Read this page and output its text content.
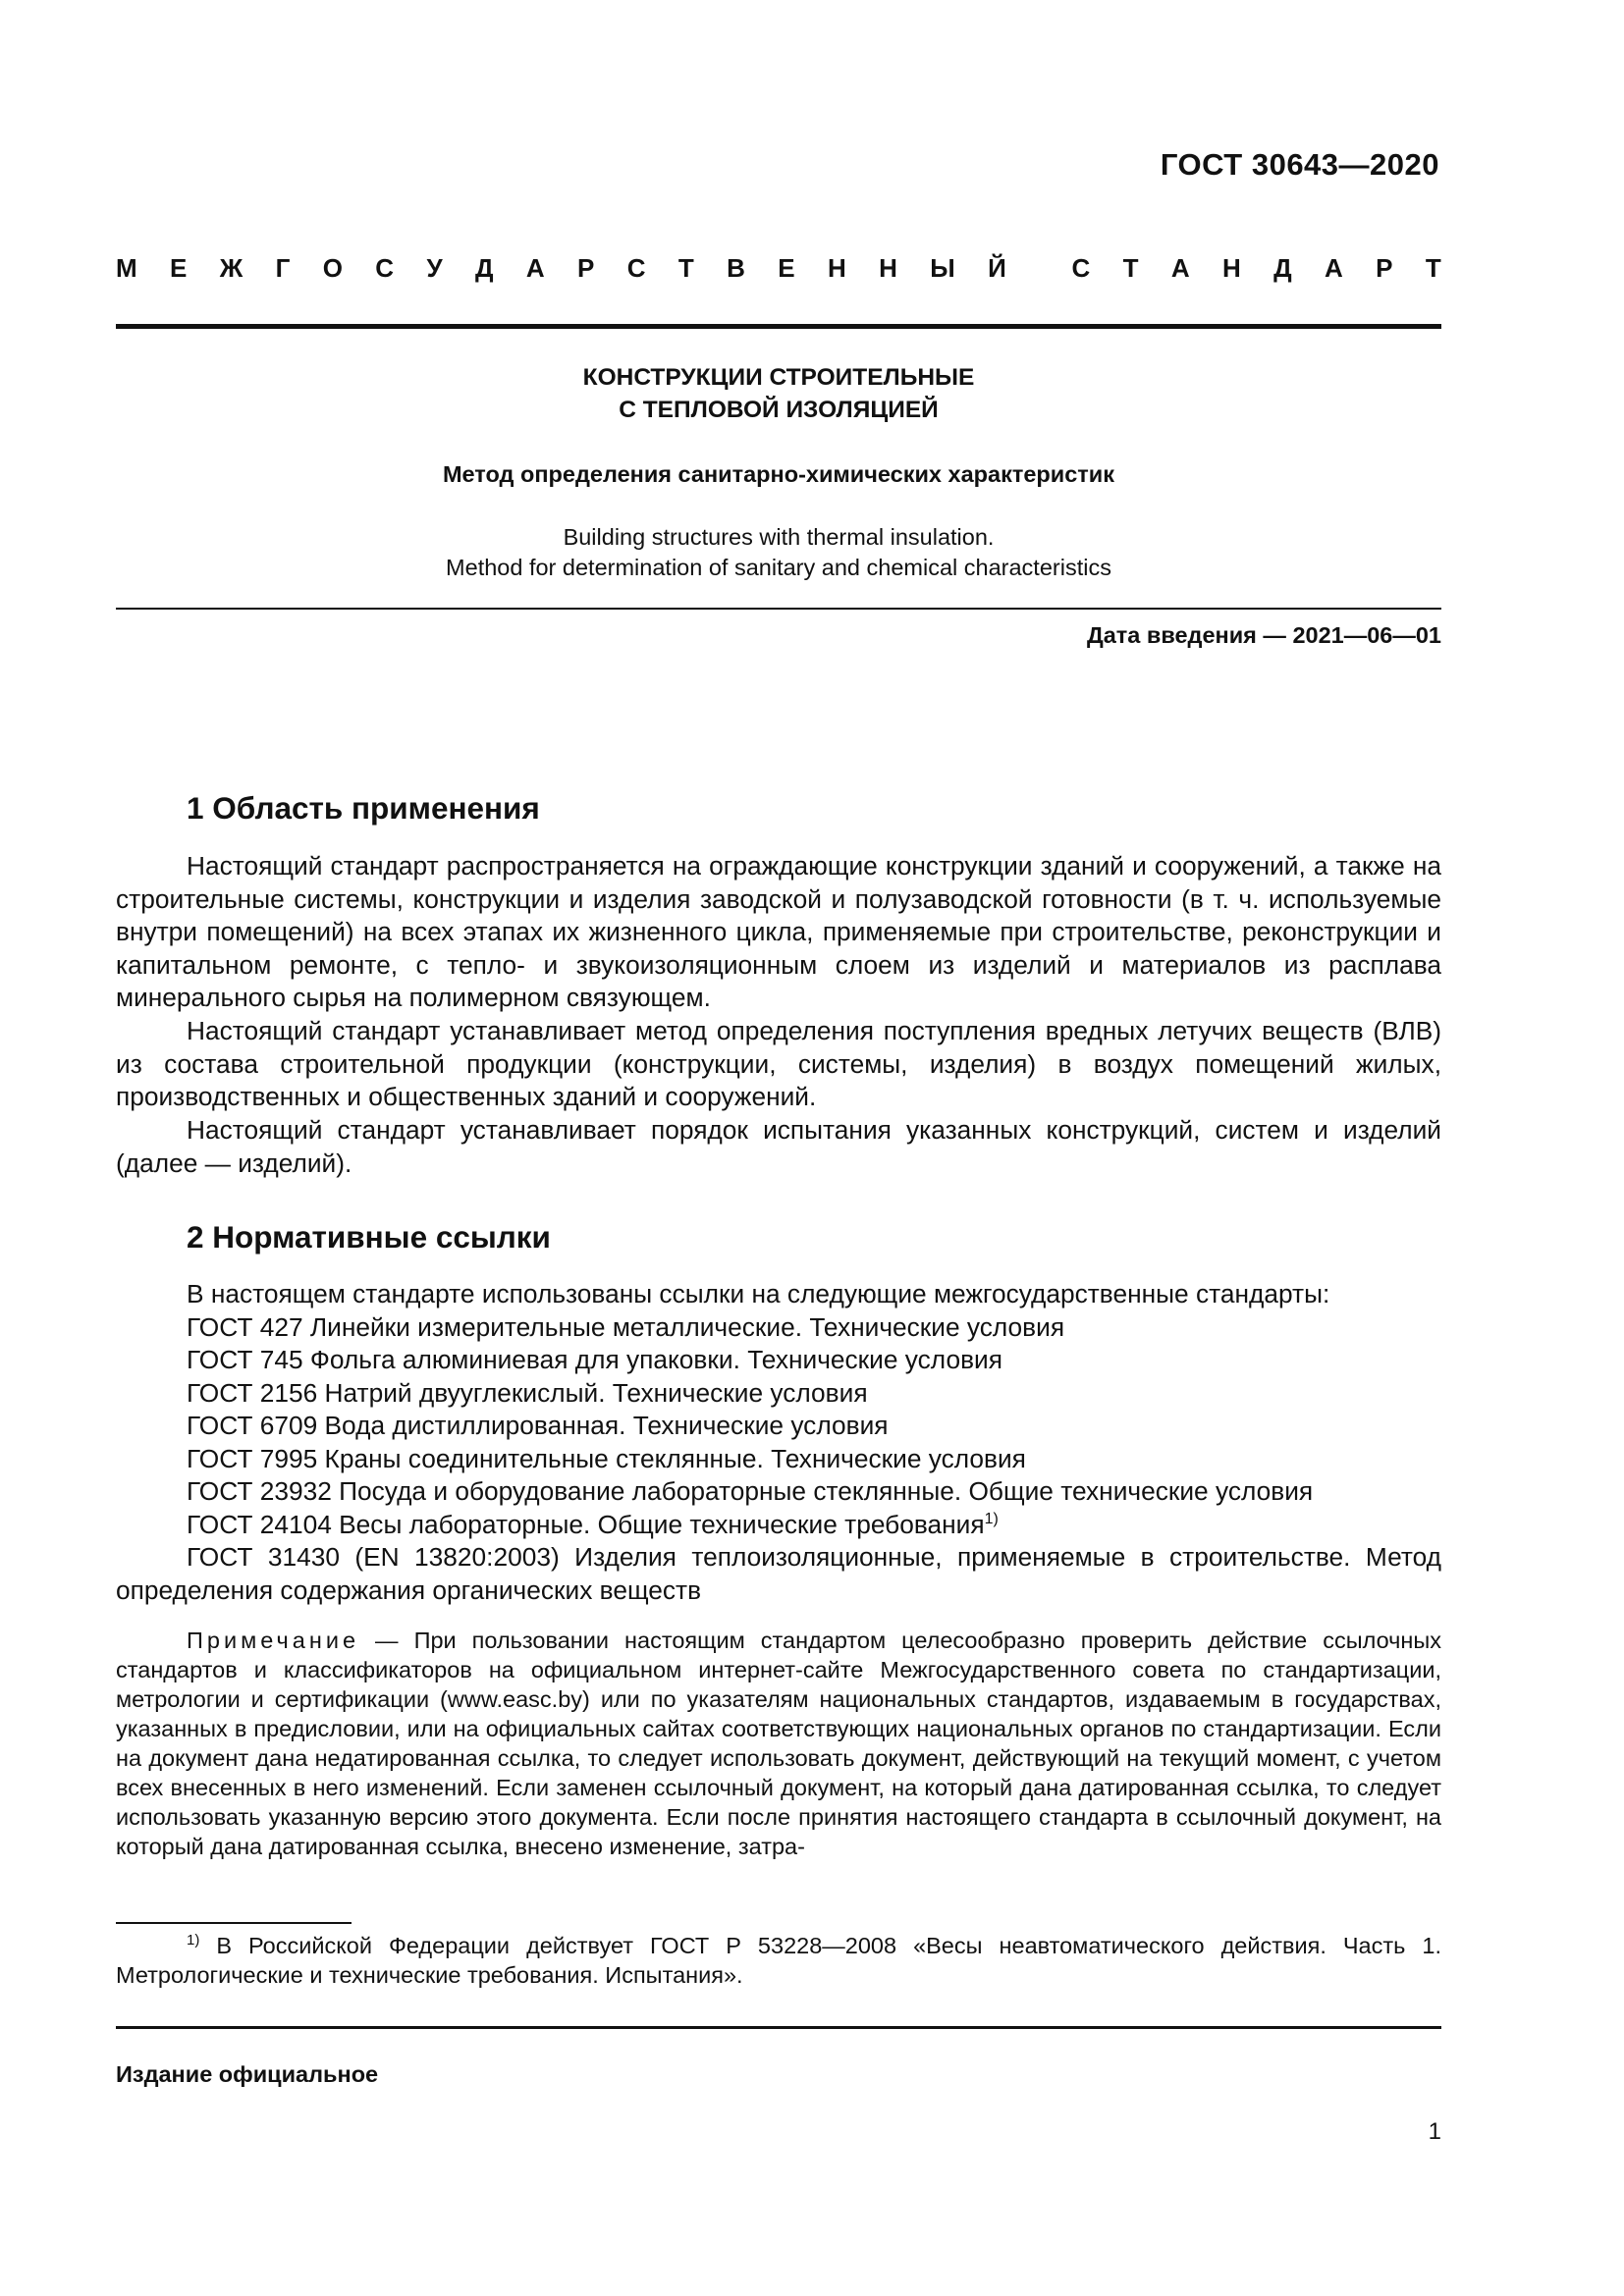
ГОСТ 30643—2020
М Е Ж Г О С У Д А Р С Т В Е Н Н Ы Й	С Т А Н Д А Р Т
КОНСТРУКЦИИ СТРОИТЕЛЬНЫЕ
С ТЕПЛОВОЙ ИЗОЛЯЦИЕЙ
Метод определения санитарно-химических характеристик
Building structures with thermal insulation.
Method for determination of sanitary and chemical characteristics
Дата введения — 2021—06—01
1 Область применения

Настоящий стандарт распространяется на ограждающие конструкции зданий и сооружений, а также на строительные системы, конструкции и изделия заводской и полузаводской готовности (в т. ч. используемые внутри помещений) на всех этапах их жизненного цикла, применяемые при строительстве, реконструкции и капитальном ремонте, с тепло- и звукоизоляционным слоем из изделий и материалов из расплава минерального сырья на полимерном связующем.

Настоящий стандарт устанавливает метод определения поступления вредных летучих веществ (ВЛВ) из состава строительной продукции (конструкции, системы, изделия) в воздух помещений жилых, производственных и общественных зданий и сооружений.

Настоящий стандарт устанавливает порядок испытания указанных конструкций, систем и изделий (далее — изделий).

2 Нормативные ссылки
В настоящем стандарте использованы ссылки на следующие межгосударственные стандарты:
ГОСТ 427 Линейки измерительные металлические. Технические условия
ГОСТ 745 Фольга алюминиевая для упаковки. Технические условия
ГОСТ 2156 Натрий двууглекислый. Технические условия
ГОСТ 6709 Вода дистиллированная. Технические условия
ГОСТ 7995 Краны соединительные стеклянные. Технические условия
ГОСТ 23932 Посуда и оборудование лабораторные стеклянные. Общие технические условия
ГОСТ 24104 Весы лабораторные. Общие технические требования$^{1)}$
ГОСТ 31430 (EN 13820:2003) Изделия теплоизоляционные, применяемые в строительстве. Метод определения содержания органических веществ

Примечание — При пользовании настоящим стандартом целесообразно проверить действие ссылочных стандартов и классификаторов на официальном интернет-сайте Межгосударственного совета по стандартизации, метрологии и сертификации (www.easc.by) или по указателям национальных стандартов, издаваемым в государствах, указанных в предисловии, или на официальных сайтах соответствующих национальных органов по стандартизации. Если на документ дана недатированная ссылка, то следует использовать документ, действующий на текущий момент, с учетом всех внесенных в него изменений. Если заменен ссылочный документ, на который дана датированная ссылка, то следует использовать указанную версию этого документа. Если после принятия настоящего стандарта в ссылочный документ, на который дана датированная ссылка, внесено изменение, затра-

$^{1)}$ В Российской Федерации действует ГОСТ Р 53228—2008 «Весы неавтоматического действия. Часть 1. Метрологические и технические требования. Испытания».

Издание официальное
1
